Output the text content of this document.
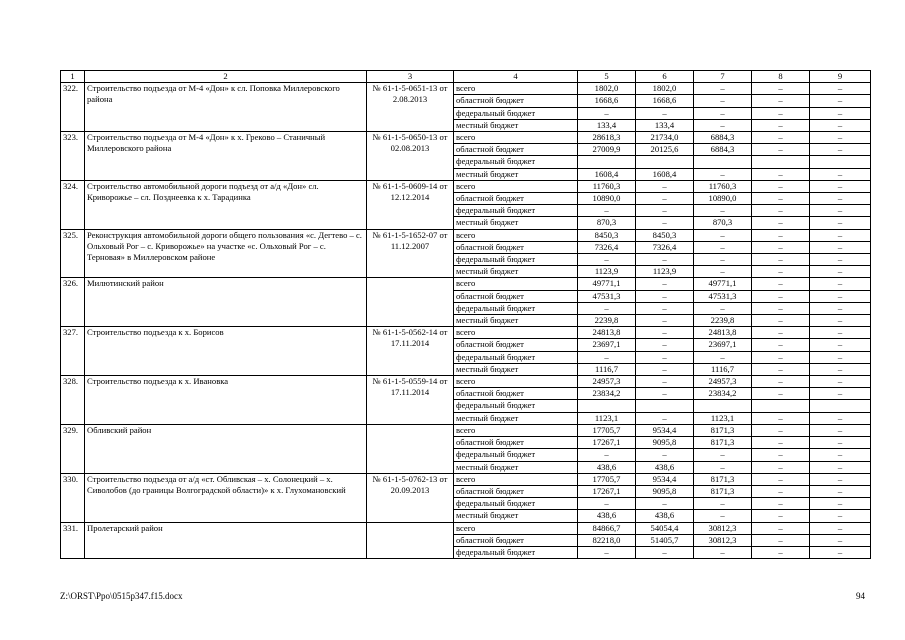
1	2	3	4	5	6	7	8	9
322.	Строительство подъезда от М-4 «Дон» к сл. Поповка Миллеровского района	№ 61-1-5-0651-13 от 2.08.2013	всего	1802,0	1802,0	–	–	–
			областной бюджет	1668,6	1668,6	–	–	–
			федеральный бюджет	–	–	–	–	–
			местный бюджет	133,4	133,4	–	–	–
323.	Строительство подъезда от М-4 «Дон» к х. Греково – Станичный Миллеровского района	№ 61-1-5-0650-13 от 02.08.2013	всего	28618,3	21734,0	6884,3	–	–
			областной бюджет	27009,9	20125,6	6884,3	–	–
			федеральный бюджет					
			местный бюджет	1608,4	1608,4	–	–	–
324.	Строительство автомобильной дороги подъезд от а/д «Дон» сл. Криворожье – сл. Позднеевка к х. Тарадинка	№ 61-1-5-0609-14 от 12.12.2014	всего	11760,3	–	11760,3	–	–
			областной бюджет	10890,0	–	10890,0	–	–
			федеральный бюджет	–	–	–	–	–
			местный бюджет	870,3	–	870,3	–	–
325.	Реконструкция автомобильной дороги общего пользования «с. Дегтево – с. Ольховый Рог – с. Криворожье» на участке «с. Ольховый Рог – с. Терновая» в Миллеровском районе	№ 61-1-5-1652-07 от 11.12.2007	всего	8450,3	8450,3	–	–	–
			областной бюджет	7326,4	7326,4	–	–	–
			федеральный бюджет	–	–	–	–	–
			местный бюджет	1123,9	1123,9	–	–	–
326.	Милютинский район		всего	49771,1	–	49771,1	–	–
			областной бюджет	47531,3	–	47531,3	–	–
			федеральный бюджет	–	–	–	–	–
			местный бюджет	2239,8	–	2239,8	–	–
327.	Строительство подъезда к х. Борисов	№ 61-1-5-0562-14 от 17.11.2014	всего	24813,8	–	24813,8	–	–
			областной бюджет	23697,1	–	23697,1	–	–
			федеральный бюджет	–	–	–	–	–
			местный бюджет	1116,7	–	1116,7	–	–
328.	Строительство подъезда к х. Ивановка	№ 61-1-5-0559-14 от 17.11.2014	всего	24957,3	–	24957,3	–	–
			областной бюджет	23834,2	–	23834,2	–	–
			федеральный бюджет					
			местный бюджет	1123,1	–	1123,1	–	–
329.	Обливский район		всего	17705,7	9534,4	8171,3	–	–
			областной бюджет	17267,1	9095,8	8171,3	–	–
			федеральный бюджет	–	–	–	–	–
			местный бюджет	438,6	438,6	–	–	–
330.	Строительство подъезда от а/д «ст. Обливская – х. Солонецкий – х. Сиволобов (до границы Волгоградской области)» к х. Глухомановский	№ 61-1-5-0762-13 от 20.09.2013	всего	17705,7	9534,4	8171,3	–	–
			областной бюджет	17267,1	9095,8	8171,3	–	–
			федеральный бюджет	–	–	–	–	–
			местный бюджет	438,6	438,6	–	–	–
331.	Пролетарский район		всего	84866,7	54054,4	30812,3	–	–
			областной бюджет	82218,0	51405,7	30812,3	–	–
			федеральный бюджет	–	–	–	–	–
Z:\ORST\Ppo\0515p347.f15.docx	94
